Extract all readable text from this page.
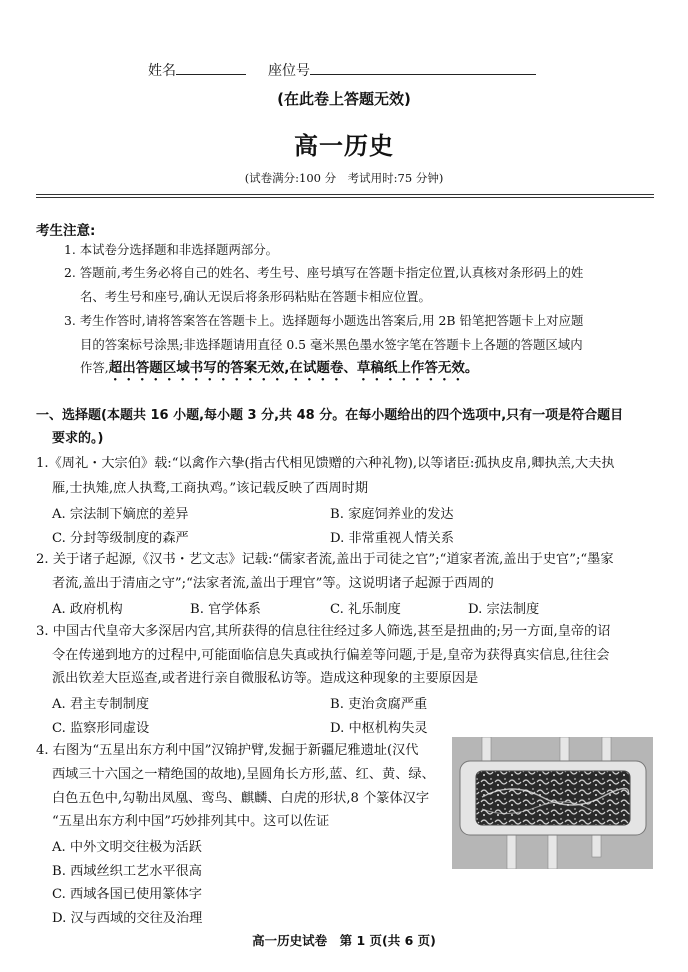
姓名	座位号
(在此卷上答题无效)
高一历史
(试卷满分:100 分　考试用时:75 分钟)
考生注意:
1. 本试卷分选择题和非选择题两部分。
2. 答题前,考生务必将自己的姓名、考生号、座号填写在答题卡指定位置,认真核对条形码上的姓
名、考生号和座号,确认无误后将条形码粘贴在答题卡相应位置。
3. 考生作答时,请将答案答在答题卡上。选择题每小题选出答案后,用 2B 铅笔把答题卡上对应题
目的答案标号涂黑;非选择题请用直径 0.5 毫米黑色墨水签字笔在答题卡上各题的答题区域内
作答,超出答题区域书写的答案无效,在试题卷、草稿纸上作答无效。
一、选择题(本题共 16 小题,每小题 3 分,共 48 分。在每小题给出的四个选项中,只有一项是符合题目
要求的。)
1.《周礼・大宗伯》载:“以禽作六挚(指古代相见馈赠的六种礼物),以等诸臣:孤执皮帛,卿执羔,大夫执
雁,士执雉,庶人执鹜,工商执鸡。”该记载反映了西周时期
A. 宗法制下嫡庶的差异	B. 家庭饲养业的发达
C. 分封等级制度的森严	D. 非常重视人情关系
2. 关于诸子起源,《汉书・艺文志》记载:“儒家者流,盖出于司徒之官”;“道家者流,盖出于史官”;“墨家
者流,盖出于清庙之守”;“法家者流,盖出于理官”等。这说明诸子起源于西周的
A. 政府机构	B. 官学体系	C. 礼乐制度	D. 宗法制度
3. 中国古代皇帝大多深居内宫,其所获得的信息往往经过多人筛选,甚至是扭曲的;另一方面,皇帝的诏
令在传递到地方的过程中,可能面临信息失真或执行偏差等问题,于是,皇帝为获得真实信息,往往会
派出钦差大臣巡查,或者进行亲自微服私访等。造成这种现象的主要原因是
A. 君主专制制度	B. 吏治贪腐严重
C. 监察形同虚设	D. 中枢机构失灵
4. 右图为“五星出东方利中国”汉锦护臂,发掘于新疆尼雅遗址(汉代
西域三十六国之一精绝国的故地),呈圆角长方形,蓝、红、黄、绿、
白色五色中,勾勒出凤凰、鸾鸟、麒麟、白虎的形状,8 个篆体汉字
“五星出东方利中国”巧妙排列其中。这可以佐证
A. 中外文明交往极为活跃
B. 西域丝织工艺水平很高
C. 西域各国已使用篆体字
D. 汉与西域的交往及治理
高一历史试卷　第 1 页(共 6 页)
